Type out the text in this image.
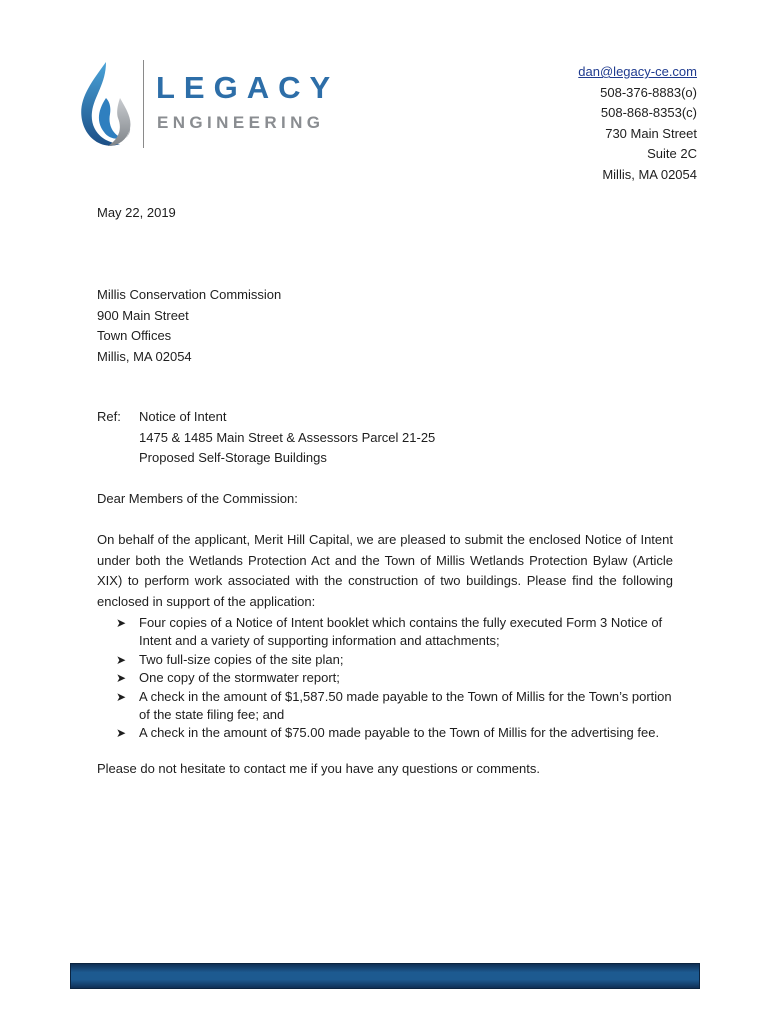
LEGACY
ENGINEERING
dan@legacy-ce.com
508-376-8883(o)
508-868-8353(c)
730 Main Street
Suite 2C
Millis, MA 02054
May 22, 2019
Millis Conservation Commission
900 Main Street
Town Offices
Millis, MA 02054
Ref: Notice of Intent
1475 & 1485 Main Street & Assessors Parcel 21-25
Proposed Self-Storage Buildings
Dear Members of the Commission:
On behalf of the applicant, Merit Hill Capital, we are pleased to submit the enclosed Notice of Intent under both the Wetlands Protection Act and the Town of Millis Wetlands Protection Bylaw (Article XIX) to perform work associated with the construction of two buildings. Please find the following enclosed in support of the application:
➤ Four copies of a Notice of Intent booklet which contains the fully executed Form 3 Notice of Intent and a variety of supporting information and attachments;
➤ Two full-size copies of the site plan;
➤ One copy of the stormwater report;
➤ A check in the amount of $1,587.50 made payable to the Town of Millis for the Town’s portion of the state filing fee; and
➤ A check in the amount of $75.00 made payable to the Town of Millis for the advertising fee.
Please do not hesitate to contact me if you have any questions or comments.
